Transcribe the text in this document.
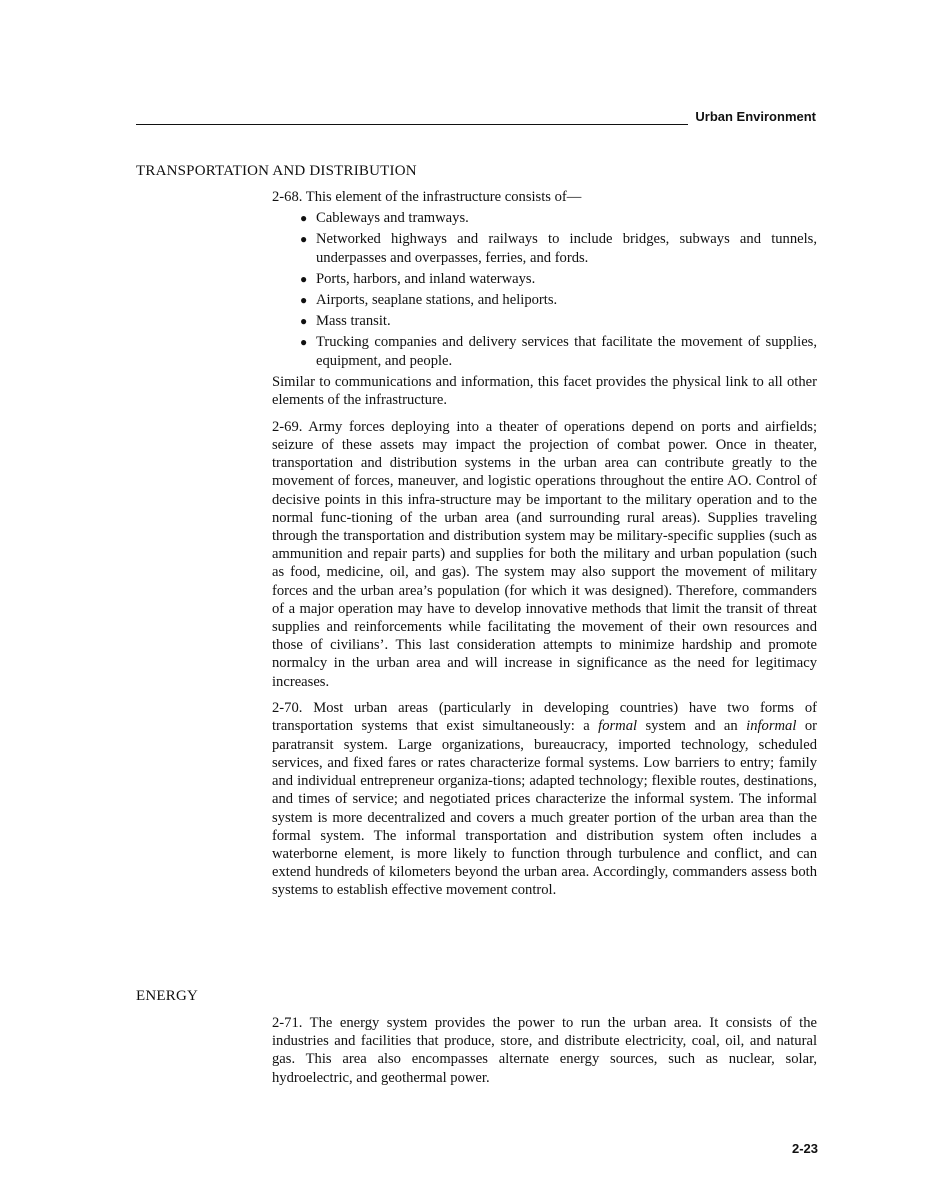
Urban Environment
TRANSPORTATION AND DISTRIBUTION

2-68. This element of the infrastructure consists of—

● Cableways and tramways.
● Networked highways and railways to include bridges, subways and tunnels, underpasses and overpasses, ferries, and fords.
● Ports, harbors, and inland waterways.
● Airports, seaplane stations, and heliports.
● Mass transit.
● Trucking companies and delivery services that facilitate the movement of supplies, equipment, and people.

Similar to communications and information, this facet provides the physical link to all other elements of the infrastructure.

2-69. Army forces deploying into a theater of operations depend on ports and airfields; seizure of these assets may impact the projection of combat power. Once in theater, transportation and distribution systems in the urban area can contribute greatly to the movement of forces, maneuver, and logistic operations throughout the entire AO. Control of decisive points in this infra-structure may be important to the military operation and to the normal func-tioning of the urban area (and surrounding rural areas). Supplies traveling through the transportation and distribution system may be military-specific supplies (such as ammunition and repair parts) and supplies for both the military and urban population (such as food, medicine, oil, and gas). The system may also support the movement of military forces and the urban area’s population (for which it was designed). Therefore, commanders of a major operation may have to develop innovative methods that limit the transit of threat supplies and reinforcements while facilitating the movement of their own resources and those of civilians’. This last consideration attempts to minimize hardship and promote normalcy in the urban area and will increase in significance as the need for legitimacy increases.

2-70. Most urban areas (particularly in developing countries) have two forms of transportation systems that exist simultaneously: a formal system and an informal or paratransit system. Large organizations, bureaucracy, imported technology, scheduled services, and fixed fares or rates characterize formal systems. Low barriers to entry; family and individual entrepreneur organiza-tions; adapted technology; flexible routes, destinations, and times of service; and negotiated prices characterize the informal system. The informal system is more decentralized and covers a much greater portion of the urban area than the formal system. The informal transportation and distribution system often includes a waterborne element, is more likely to function through turbulence and conflict, and can extend hundreds of kilometers beyond the urban area. Accordingly, commanders assess both systems to establish effective movement control.

ENERGY

2-71. The energy system provides the power to run the urban area. It consists of the industries and facilities that produce, store, and distribute electricity, coal, oil, and natural gas. This area also encompasses alternate energy sources, such as nuclear, solar, hydroelectric, and geothermal power.

2-23
